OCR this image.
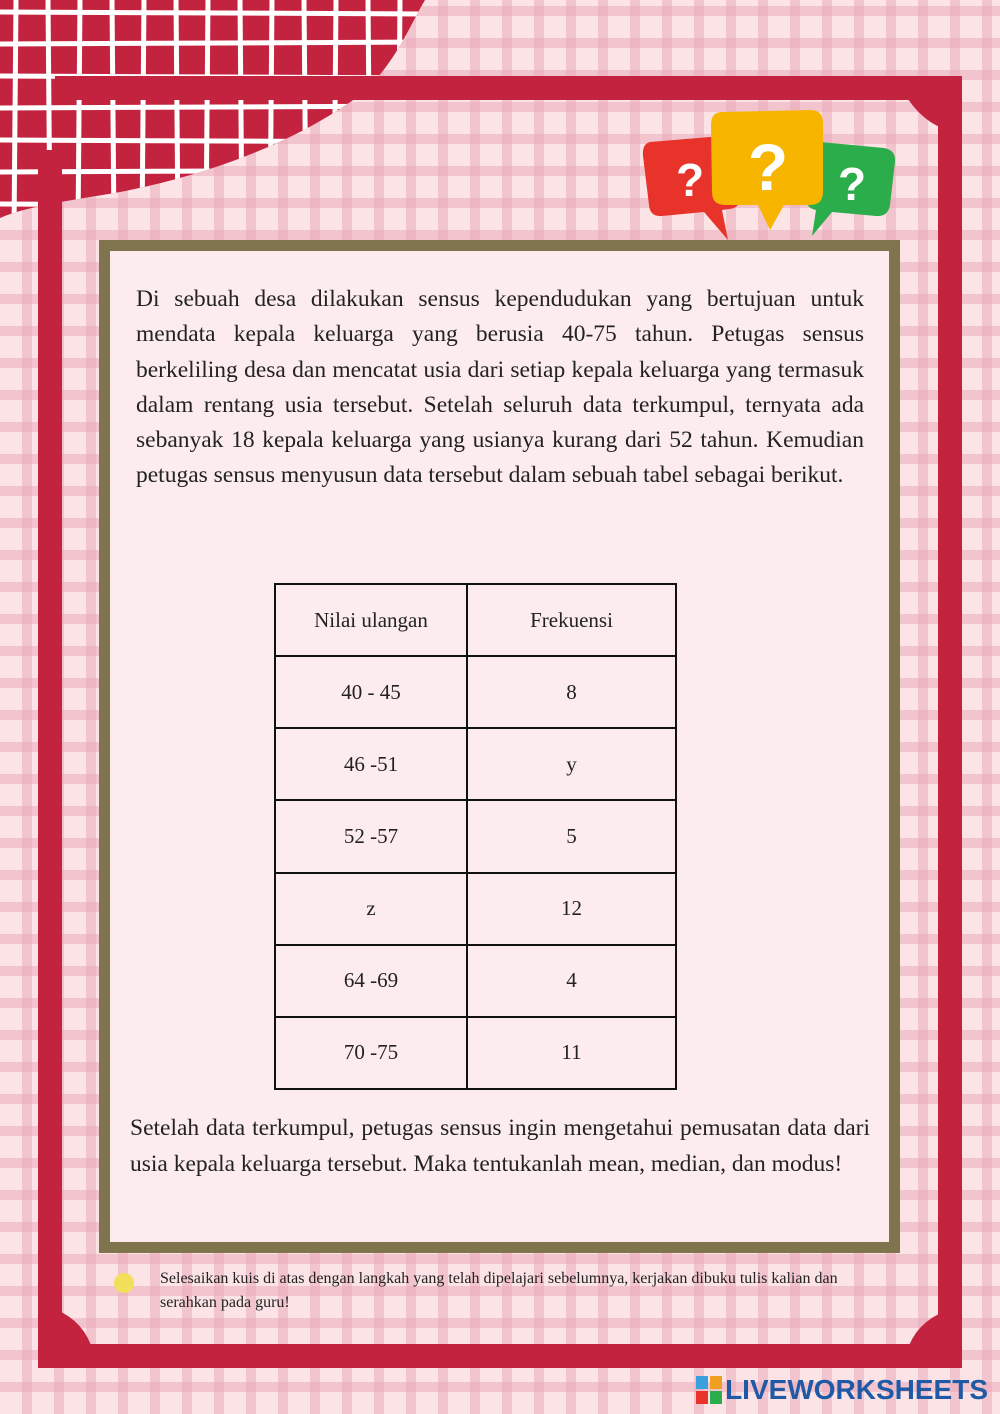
?	?
?
Di sebuah desa dilakukan sensus kependudukan yang bertujuan untuk mendata kepala keluarga yang berusia 40-75 tahun. Petugas sensus berkeliling desa dan mencatat usia dari setiap kepala keluarga yang termasuk dalam rentang usia tersebut. Setelah seluruh data terkumpul, ternyata ada sebanyak 18 kepala keluarga yang usianya kurang dari 52 tahun. Kemudian petugas sensus menyusun data tersebut dalam sebuah tabel sebagai berikut.
Nilai ulangan	Frekuensi
40 - 45	8
46 -51	y
52 -57	5
z	12
64 -69	4
70 -75	11
Setelah data terkumpul, petugas sensus ingin mengetahui pemusatan data dari usia kepala keluarga tersebut. Maka tentukanlah mean, median, dan modus!
Selesaikan kuis di atas dengan langkah yang telah dipelajari sebelumnya, kerjakan dibuku tulis kalian dan serahkan pada guru!
LIVEWORKSHEETS
